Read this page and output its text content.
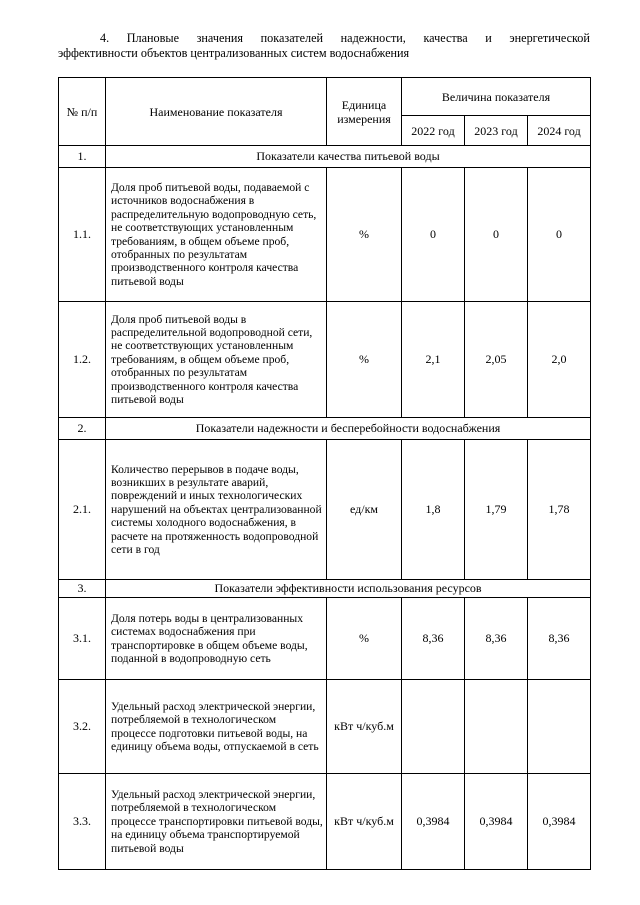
4. Плановые значения показателей надежности, качества и энергетической
эффективности объектов централизованных систем водоснабжения
№ п/п	Наименование показателя	Единица измерения	Величина показателя		
			2022 год	2023 год	2024 год
1.	Показатели качества питьевой воды				
1.1.	Доля проб питьевой воды, подаваемой с источников водоснабжения в распределительную водопроводную сеть, не соответствующих установленным требованиям, в общем объеме проб, отобранных по результатам производственного контроля качества питьевой воды	%	0	0	0
1.2.	Доля проб питьевой воды в распределительной водопроводной сети, не соответствующих установленным требованиям, в общем объеме проб, отобранных по результатам производственного контроля качества питьевой воды	%	2,1	2,05	2,0
2.	Показатели надежности и бесперебойности водоснабжения				
2.1.	Количество перерывов в подаче воды, возникших в результате аварий, повреждений и иных технологических нарушений на объектах централизованной системы холодного водоснабжения, в расчете на протяженность водопроводной сети в год	ед/км	1,8	1,79	1,78
3.	Показатели эффективности использования ресурсов				
3.1.	Доля потерь воды в централизованных системах водоснабжения при транспортировке в общем объеме воды, поданной в водопроводную сеть	%	8,36	8,36	8,36
3.2.	Удельный расход электрической энергии, потребляемой в технологическом процессе подготовки питьевой воды, на единицу объема воды, отпускаемой в сеть	кВт ч/куб.м			
3.3.	Удельный расход электрической энергии, потребляемой в технологическом процессе транспортировки питьевой воды, на единицу объема транспортируемой питьевой воды	кВт ч/куб.м	0,3984	0,3984	0,3984
